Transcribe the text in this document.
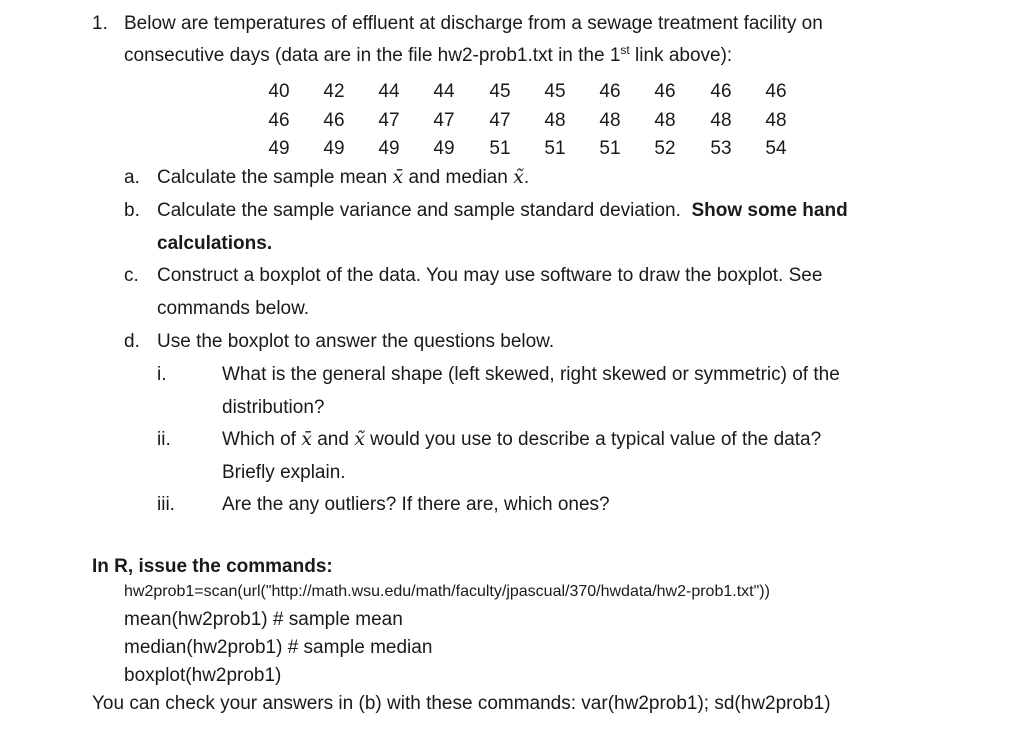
1. Below are temperatures of effluent at discharge from a sewage treatment facility on
consecutive days (data are in the file hw2-prob1.txt in the 1st link above):
40	42	44	44	45	45	46	46	46	46
46	46	47	47	47	48	48	48	48	48
49	49	49	49	51	51	51	52	53	54
a. Calculate the sample mean x̄ and median x̃.
b. Calculate the sample variance and sample standard deviation. Show some hand
calculations.
c. Construct a boxplot of the data. You may use software to draw the boxplot. See
commands below.
d. Use the boxplot to answer the questions below.
i.	What is the general shape (left skewed, right skewed or symmetric) of the
distribution?
ii.	Which of x̄ and x̃ would you use to describe a typical value of the data?
Briefly explain.
iii. Are the any outliers? If there are, which ones?
In R, issue the commands:
hw2prob1=scan(url("http://math.wsu.edu/math/faculty/jpascual/370/hwdata/hw2-prob1.txt"))
mean(hw2prob1) # sample mean
median(hw2prob1) # sample median
boxplot(hw2prob1)
You can check your answers in (b) with these commands: var(hw2prob1); sd(hw2prob1)
